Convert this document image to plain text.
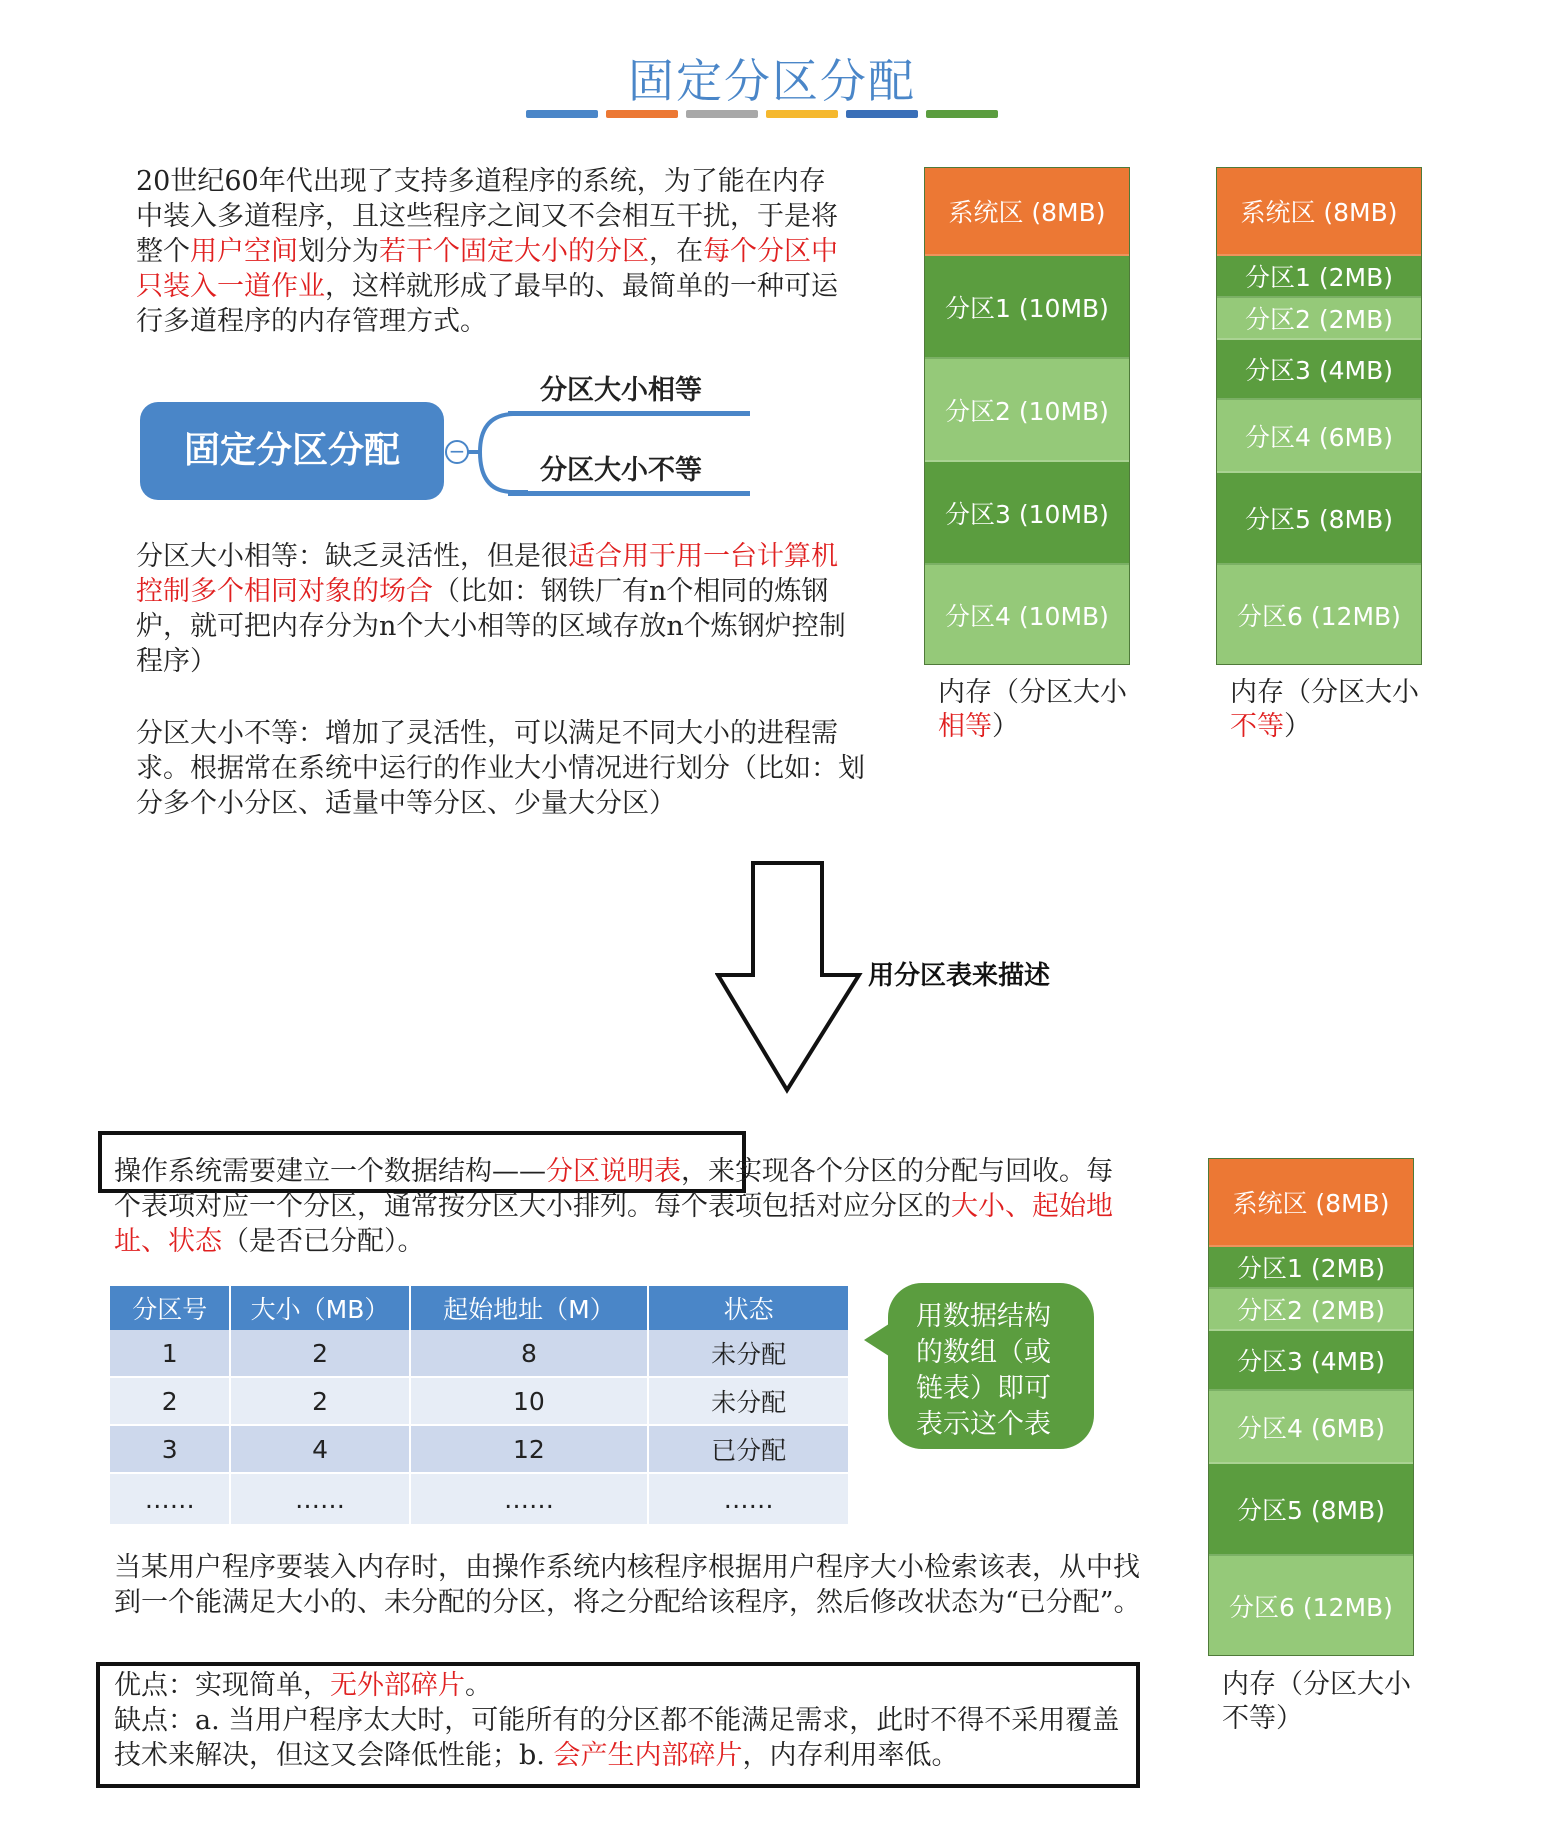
固定分区分配
20世纪60年代出现了支持多道程序的系统，为了能在内存中装入多道程序，且这些程序之间又不会相互干扰，于是将整个用户空间划分为若干个固定大小的分区，在每个分区中只装入一道作业，这样就形成了最早的、最简单的一种可运行多道程序的内存管理方式。
固定分区分配	−
分区大小相等
分区大小不等
分区大小相等：缺乏灵活性，但是很适合用于用一台计算机控制多个相同对象的场合（比如：钢铁厂有n个相同的炼钢炉，就可把内存分为n个大小相等的区域存放n个炼钢炉控制程序）
分区大小不等：增加了灵活性，可以满足不同大小的进程需求。根据常在系统中运行的作业大小情况进行划分（比如：划分多个小分区、适量中等分区、少量大分区）
系统区 (8MB)
分区1 (10MB)
分区2 (10MB)
分区3 (10MB)
分区4 (10MB)
内存（分区大小相等）
系统区 (8MB)
分区1 (2MB)
分区2 (2MB)
分区3 (4MB)
分区4 (6MB)
分区5 (8MB)
分区6 (12MB)
内存（分区大小不等）
用分区表来描述
操作系统需要建立一个数据结构——分区说明表，来实现各个分区的分配与回收。每个表项对应一个分区，通常按分区大小排列。每个表项包括对应分区的大小、起始地址、状态（是否已分配）。
分区号	大小（MB）	起始地址（M）	状态
1	2	8	未分配
2	2	10	未分配
3	4	12	已分配
……	……	……	……
用数据结构的数组（或链表）即可表示这个表
系统区 (8MB)
分区1 (2MB)
分区2 (2MB)
分区3 (4MB)
分区4 (6MB)
分区5 (8MB)
分区6 (12MB)
内存（分区大小不等）
当某用户程序要装入内存时，由操作系统内核程序根据用户程序大小检索该表，从中找到一个能满足大小的、未分配的分区，将之分配给该程序，然后修改状态为“已分配”。
优点：实现简单，无外部碎片。
缺点：a. 当用户程序太大时，可能所有的分区都不能满足需求，此时不得不采用覆盖技术来解决，但这又会降低性能；b. 会产生内部碎片，内存利用率低。
